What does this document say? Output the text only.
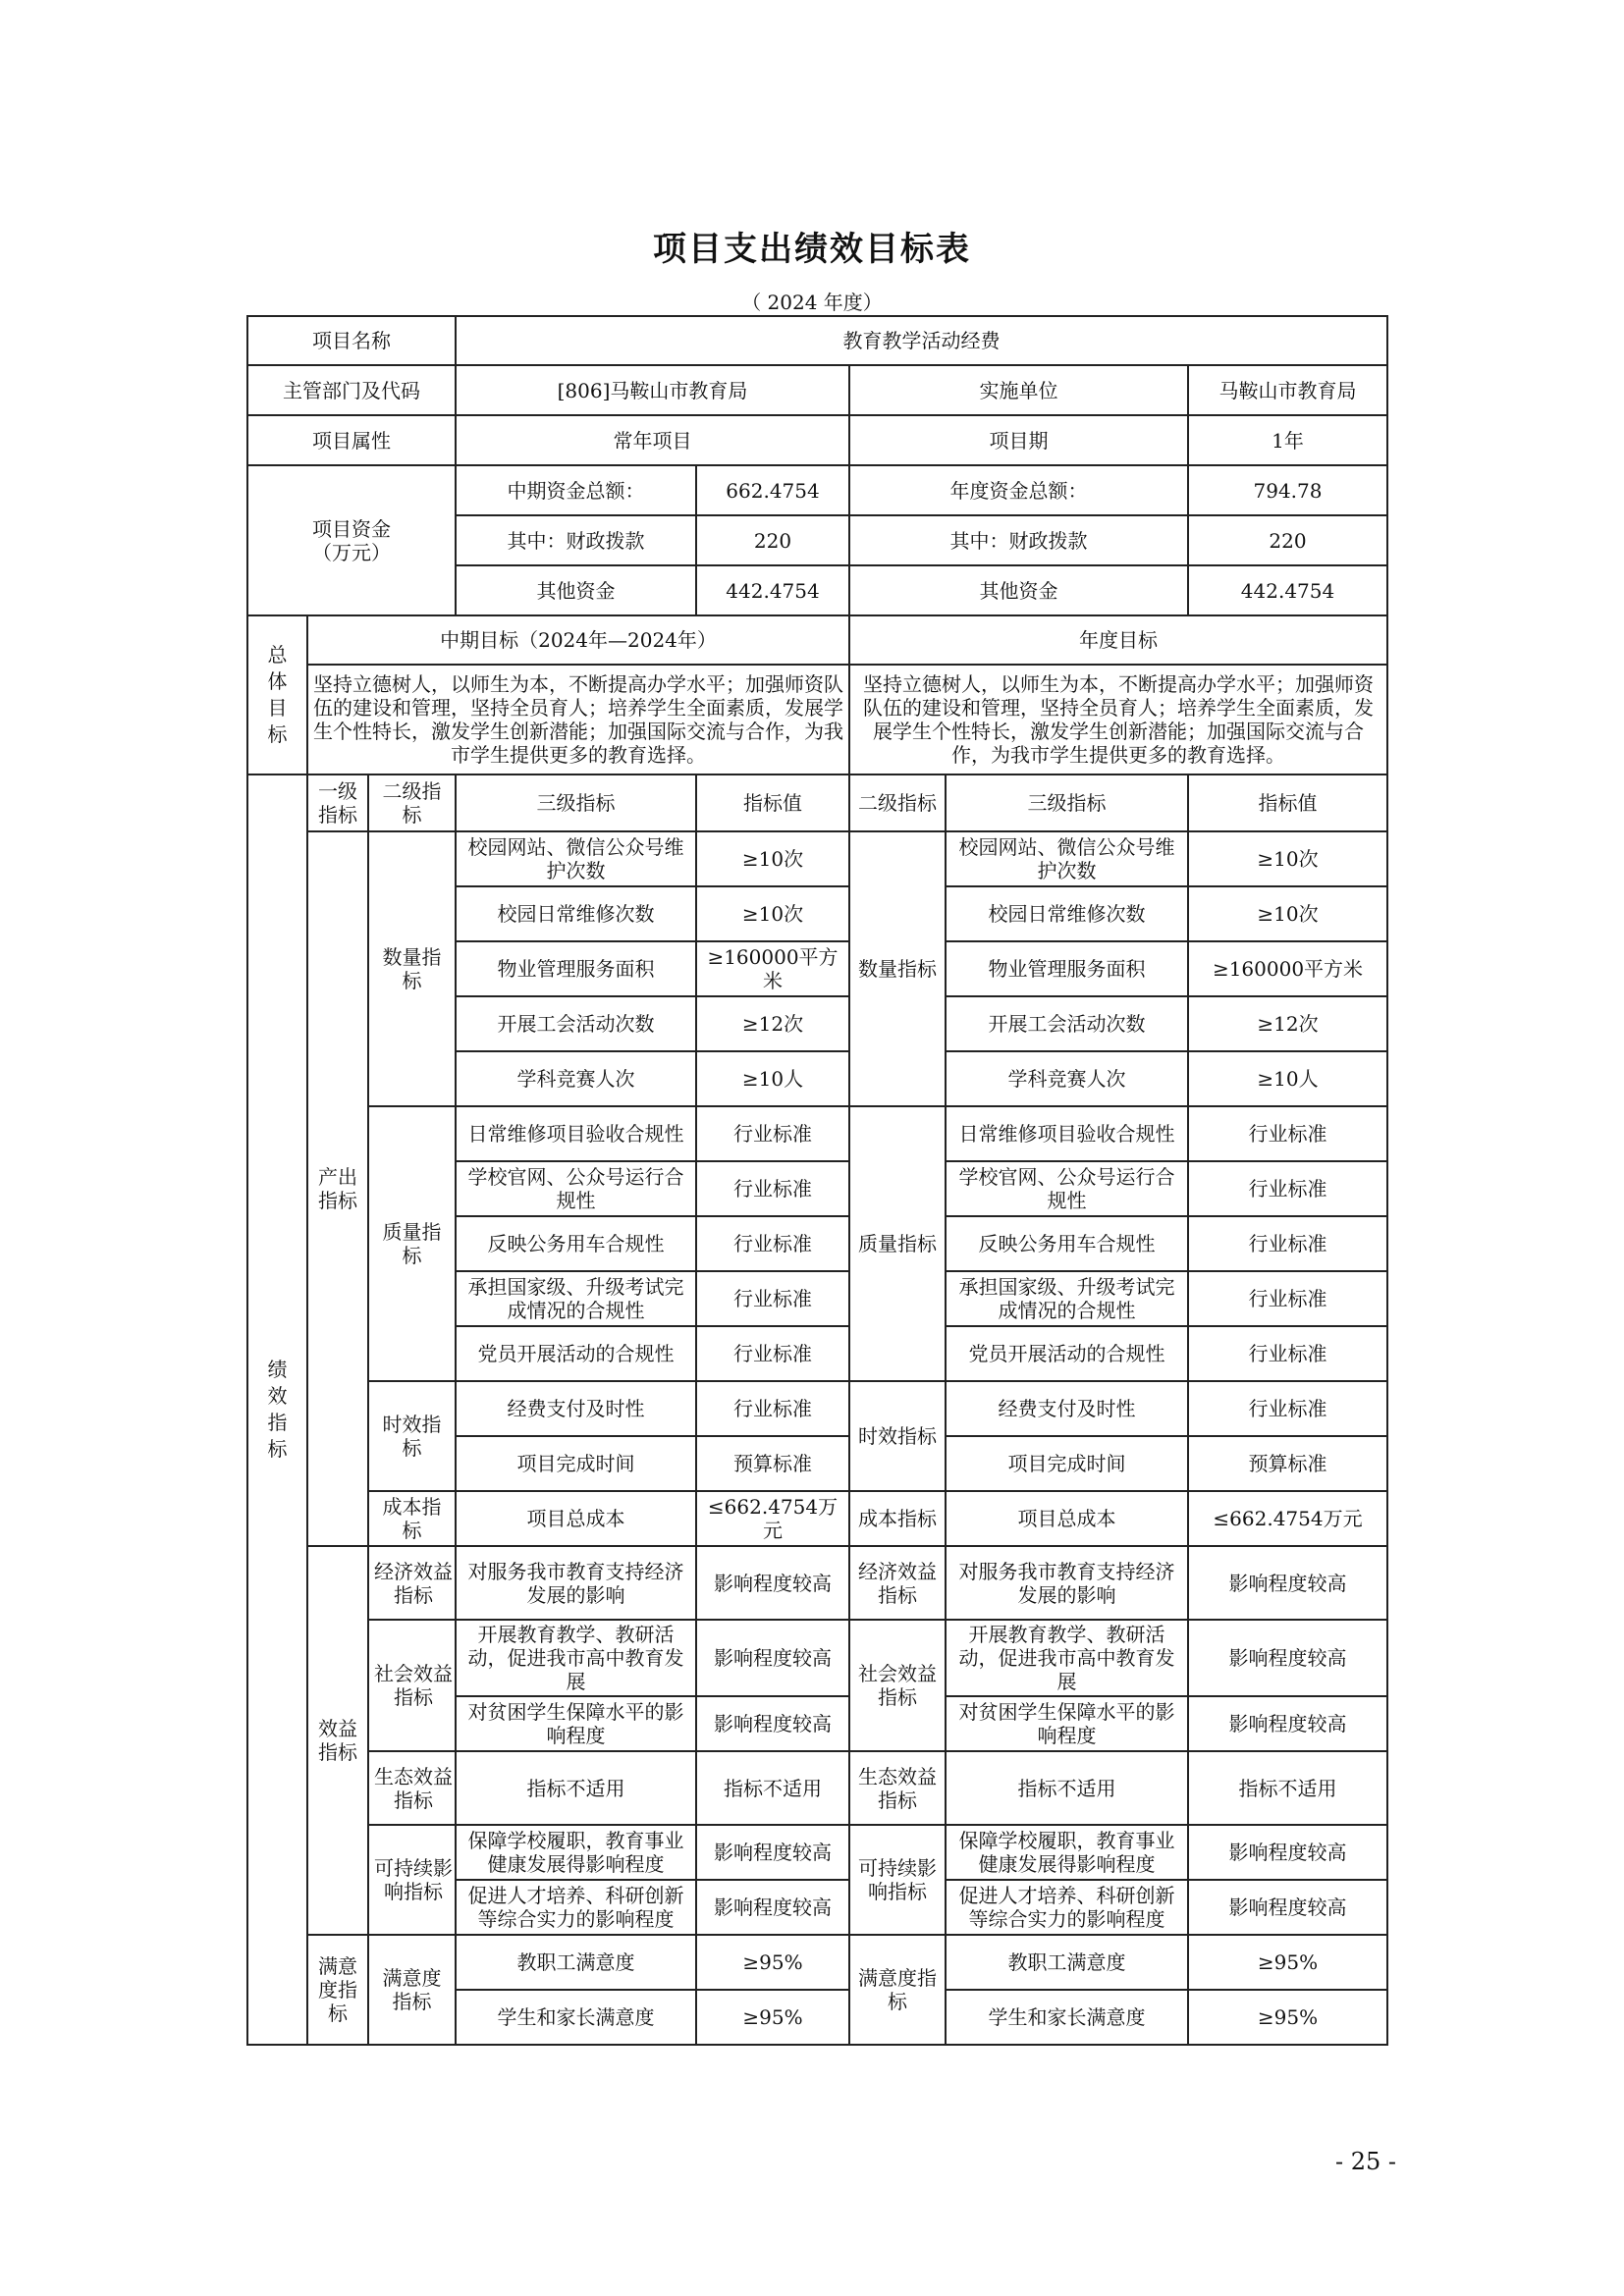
项目支出绩效目标表
（ 2024 年度）
项目名称			教育教学活动经费				
主管部门及代码			[806]马鞍山市教育局		实施单位		马鞍山市教育局
项目属性			常年项目		项目期		1年

项目资金（万元）			中期资金总额：	662.4754	年度资金总额：		794.78
			其中：财政拨款	220	其中：财政拨款		220
			其他资金	442.4754	其他资金		442.4754

总体目标	中期目标（2024年—2024年）				年度目标		
	坚持立德树人，以师生为本，不断提高办学水平；加强师资队伍的建设和管理，坚持全员育人；培养学生全面素质，发展学生个性特长，激发学生创新潜能；加强国际交流与合作，为我市学生提供更多的教育选择。				坚持立德树人，以师生为本，不断提高办学水平；加强师资队伍的建设和管理，坚持全员育人；培养学生全面素质，发展学生个性特长，激发学生创新潜能；加强国际交流与合作，为我市学生提供更多的教育选择。		

绩效指标	一级指标	二级指标	三级指标	指标值	二级指标	三级指标	指标值

	产出指标	数量指标	校园网站、微信公众号维护次数	≥10次	数量指标	校园网站、微信公众号维护次数	≥10次
			校园日常维修次数	≥10次		校园日常维修次数	≥10次
			物业管理服务面积	≥160000平方米		物业管理服务面积	≥160000平方米
			开展工会活动次数	≥12次		开展工会活动次数	≥12次
			学科竞赛人次	≥10人		学科竞赛人次	≥10人
		质量指标	日常维修项目验收合规性	行业标准	质量指标	日常维修项目验收合规性	行业标准
			学校官网、公众号运行合规性	行业标准		学校官网、公众号运行合规性	行业标准
			反映公务用车合规性	行业标准		反映公务用车合规性	行业标准
			承担国家级、升级考试完成情况的合规性	行业标准		承担国家级、升级考试完成情况的合规性	行业标准
			党员开展活动的合规性	行业标准		党员开展活动的合规性	行业标准
		时效指标	经费支付及时性	行业标准	时效指标	经费支付及时性	行业标准
			项目完成时间	预算标准		项目完成时间	预算标准
		成本指标	项目总成本	≤662.4754万元	成本指标	项目总成本	≤662.4754万元

	效益指标	经济效益指标	对服务我市教育支持经济发展的影响	影响程度较高	经济效益指标	对服务我市教育支持经济发展的影响	影响程度较高

		社会效益指标	开展教育教学、教研活动，促进我市高中教育发展	影响程度较高	社会效益指标	开展教育教学、教研活动，促进我市高中教育发展	影响程度较高
			对贫困学生保障水平的影响程度	影响程度较高		对贫困学生保障水平的影响程度	影响程度较高

		生态效益指标	指标不适用	指标不适用	生态效益指标	指标不适用	指标不适用

		可持续影响指标	保障学校履职，教育事业健康发展得影响程度	影响程度较高	可持续影响指标	保障学校履职，教育事业健康发展得影响程度	影响程度较高
			促进人才培养、科研创新等综合实力的影响程度	影响程度较高		促进人才培养、科研创新等综合实力的影响程度	影响程度较高

	满意度指标	满意度指标	教职工满意度	≥95%	满意度指标	教职工满意度	≥95%
			学生和家长满意度	≥95%		学生和家长满意度	≥95%
- 25 -
